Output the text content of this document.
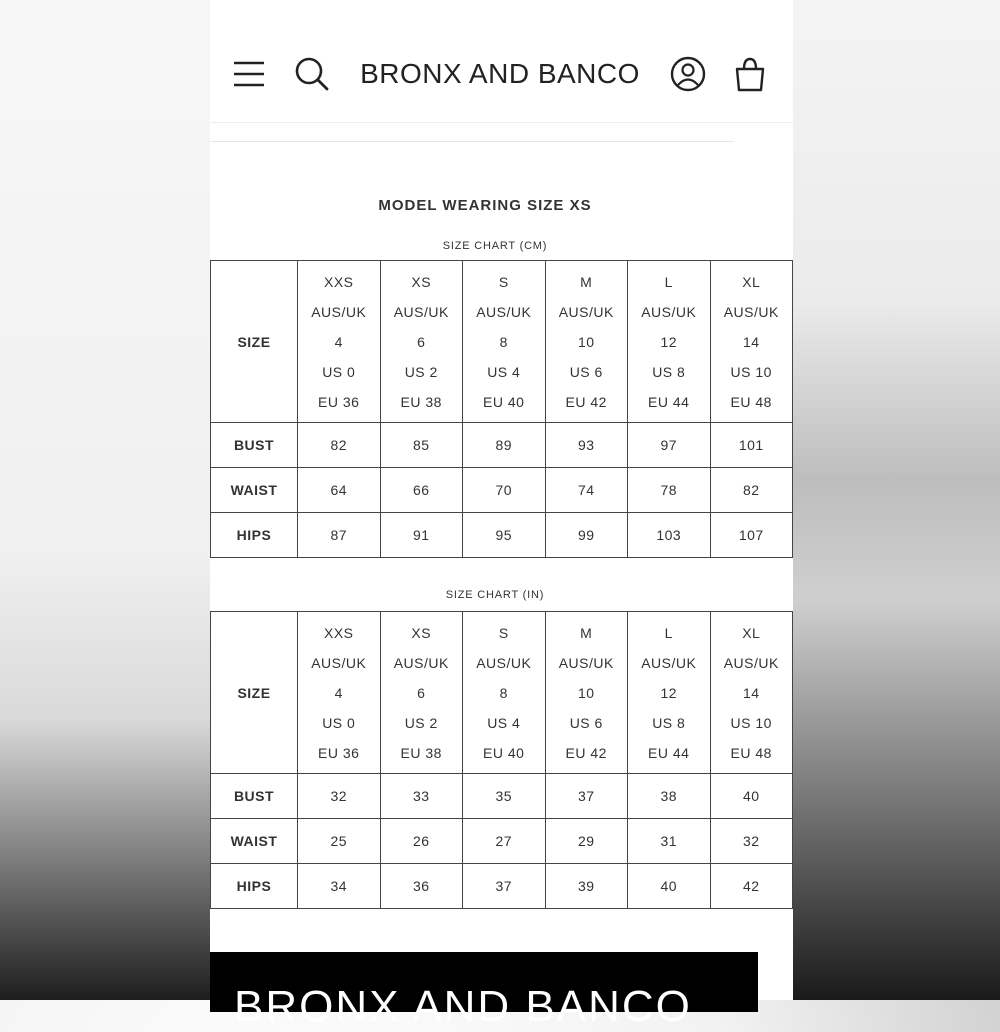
BRONX AND BANCO
MODEL WEARING SIZE XS
SIZE CHART (CM)
SIZE	XXS
AUS/UK
4
US 0
EU 36	XS
AUS/UK
6
US 2
EU 38	S
AUS/UK
8
US 4
EU 40	M
AUS/UK
10
US 6
EU 42	L
AUS/UK
12
US 8
EU 44	XL
AUS/UK
14
US 10
EU 48

BUST	82	85	89	93	97	101
WAIST	64	66	70	74	78	82
HIPS	87	91	95	99	103	107
SIZE CHART (IN)
SIZE	XXS
AUS/UK
4
US 0
EU 36	XS
AUS/UK
6
US 2
EU 38	S
AUS/UK
8
US 4
EU 40	M
AUS/UK
10
US 6
EU 42	L
AUS/UK
12
US 8
EU 44	XL
AUS/UK
14
US 10
EU 48

BUST	32	33	35	37	38	40
WAIST	25	26	27	29	31	32
HIPS	34	36	37	39	40	42
BRONX AND BANCO
